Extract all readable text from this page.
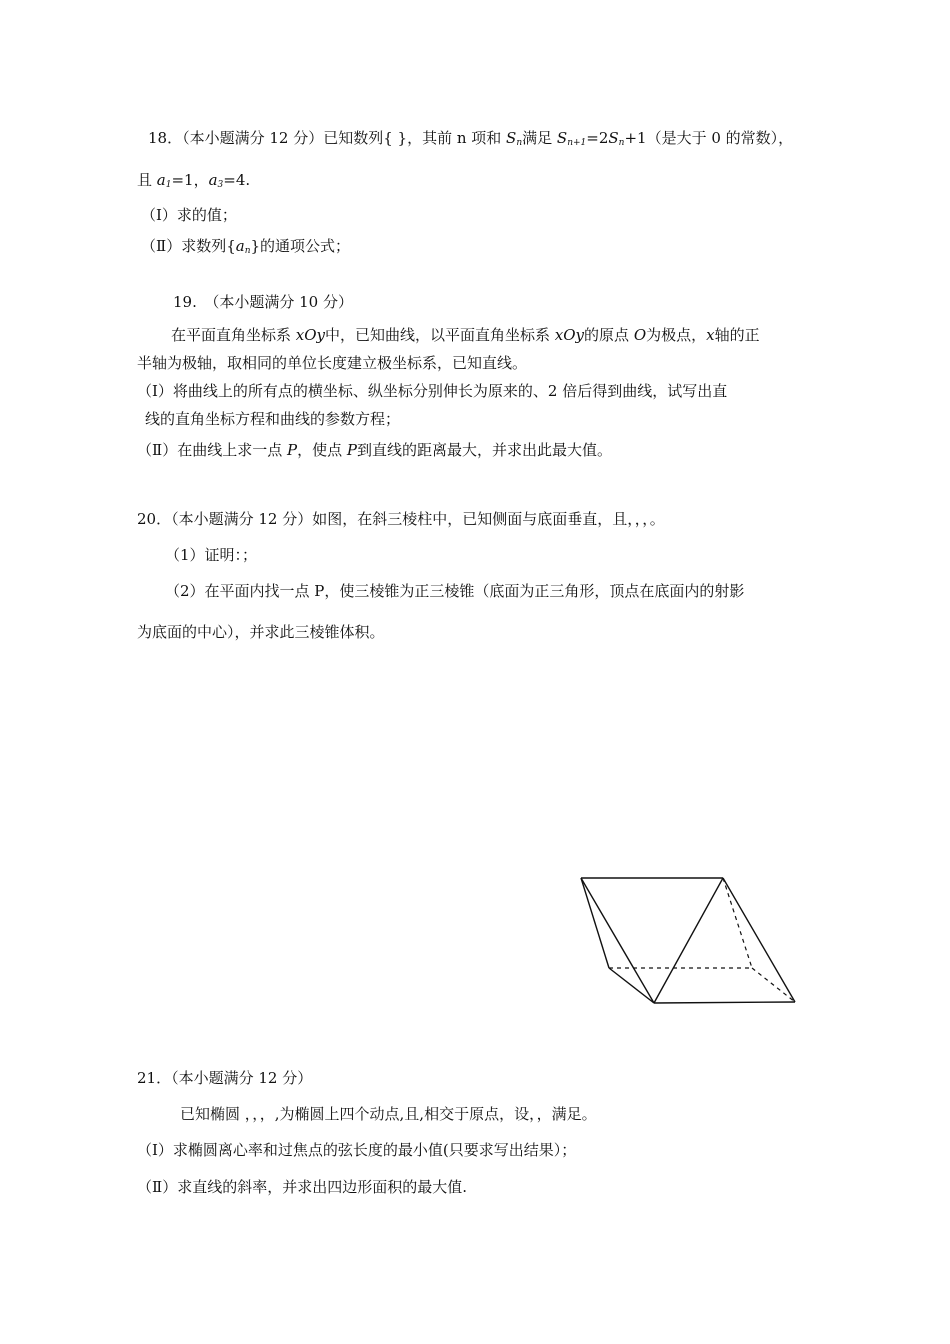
18．（本小题满分 12 分）已知数列{ }，其前 n 项和 $S_n$满足 $S_{n+1}=2S_n+1$（是大于 0 的常数），
且 $a_1=1$，$a_3=4$.
（Ⅰ）求的值；
（Ⅱ）求数列$\{a_n\}$的通项公式；
19.　（本小题满分 10 分）
在平面直角坐标系 xOy中，已知曲线，以平面直角坐标系 xOy的原点 O为极点，x轴的正
半轴为极轴，取相同的单位长度建立极坐标系，已知直线。
（Ⅰ）将曲线上的所有点的横坐标、纵坐标分别伸长为原来的、2 倍后得到曲线，试写出直
线的直角坐标方程和曲线的参数方程；
（Ⅱ）在曲线上求一点 P，使点 P到直线的距离最大，并求出此最大值。
20．（本小题满分 12 分）如图，在斜三棱柱中，已知侧面与底面垂直，且，，，。
（1）证明：；
（2）在平面内找一点 P，使三棱锥为正三棱锥（底面为正三角形，顶点在底面内的射影
为底面的中心），并求此三棱锥体积。
21．（本小题满分 12 分）
已知椭圆 ，，，,为椭圆上四个动点,且,相交于原点，设，，满足。
（Ⅰ）求椭圆离心率和过焦点的弦长度的最小值(只要求写出结果）；
（Ⅱ）求直线的斜率，并求出四边形面积的最大值.
